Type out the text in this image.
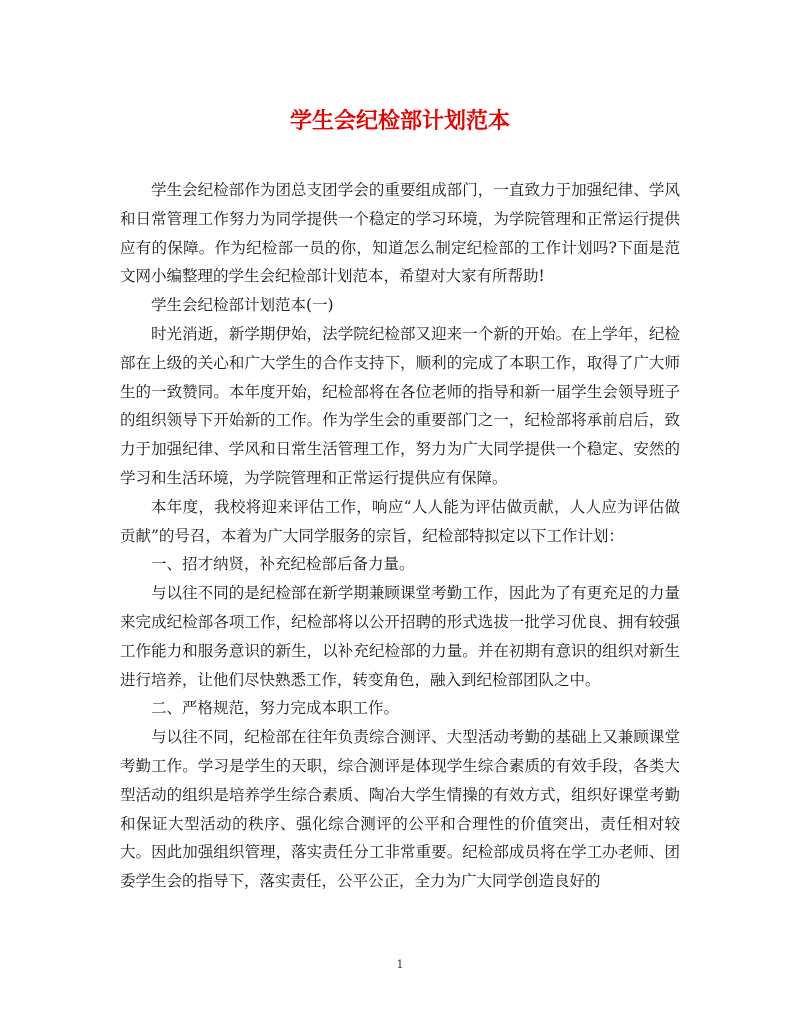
学生会纪检部计划范本

学生会纪检部作为团总支团学会的重要组成部门，一直致力于加强纪律、学风和日常管理工作努力为同学提供一个稳定的学习环境，为学院管理和正常运行提供应有的保障。作为纪检部一员的你，知道怎么制定纪检部的工作计划吗?下面是范文网小编整理的学生会纪检部计划范本，希望对大家有所帮助!

学生会纪检部计划范本(一)

时光消逝，新学期伊始，法学院纪检部又迎来一个新的开始。在上学年，纪检部在上级的关心和广大学生的合作支持下，顺利的完成了本职工作，取得了广大师生的一致赞同。本年度开始，纪检部将在各位老师的指导和新一届学生会领导班子的组织领导下开始新的工作。作为学生会的重要部门之一，纪检部将承前启后，致力于加强纪律、学风和日常生活管理工作，努力为广大同学提供一个稳定、安然的学习和生活环境，为学院管理和正常运行提供应有保障。

本年度，我校将迎来评估工作，响应“人人能为评估做贡献，人人应为评估做贡献”的号召，本着为广大同学服务的宗旨，纪检部特拟定以下工作计划：

一、招才纳贤，补充纪检部后备力量。

与以往不同的是纪检部在新学期兼顾课堂考勤工作，因此为了有更充足的力量来完成纪检部各项工作，纪检部将以公开招聘的形式选拔一批学习优良、拥有较强工作能力和服务意识的新生，以补充纪检部的力量。并在初期有意识的组织对新生进行培养，让他们尽快熟悉工作，转变角色，融入到纪检部团队之中。

二、严格规范，努力完成本职工作。

与以往不同，纪检部在往年负责综合测评、大型活动考勤的基础上又兼顾课堂考勤工作。学习是学生的天职，综合测评是体现学生综合素质的有效手段，各类大型活动的组织是培养学生综合素质、陶冶大学生情操的有效方式，组织好课堂考勤和保证大型活动的秩序、强化综合测评的公平和合理性的价值突出，责任相对较大。因此加强组织管理，落实责任分工非常重要。纪检部成员将在学工办老师、团委学生会的指导下，落实责任，公平公正，全力为广大同学创造良好的

1
